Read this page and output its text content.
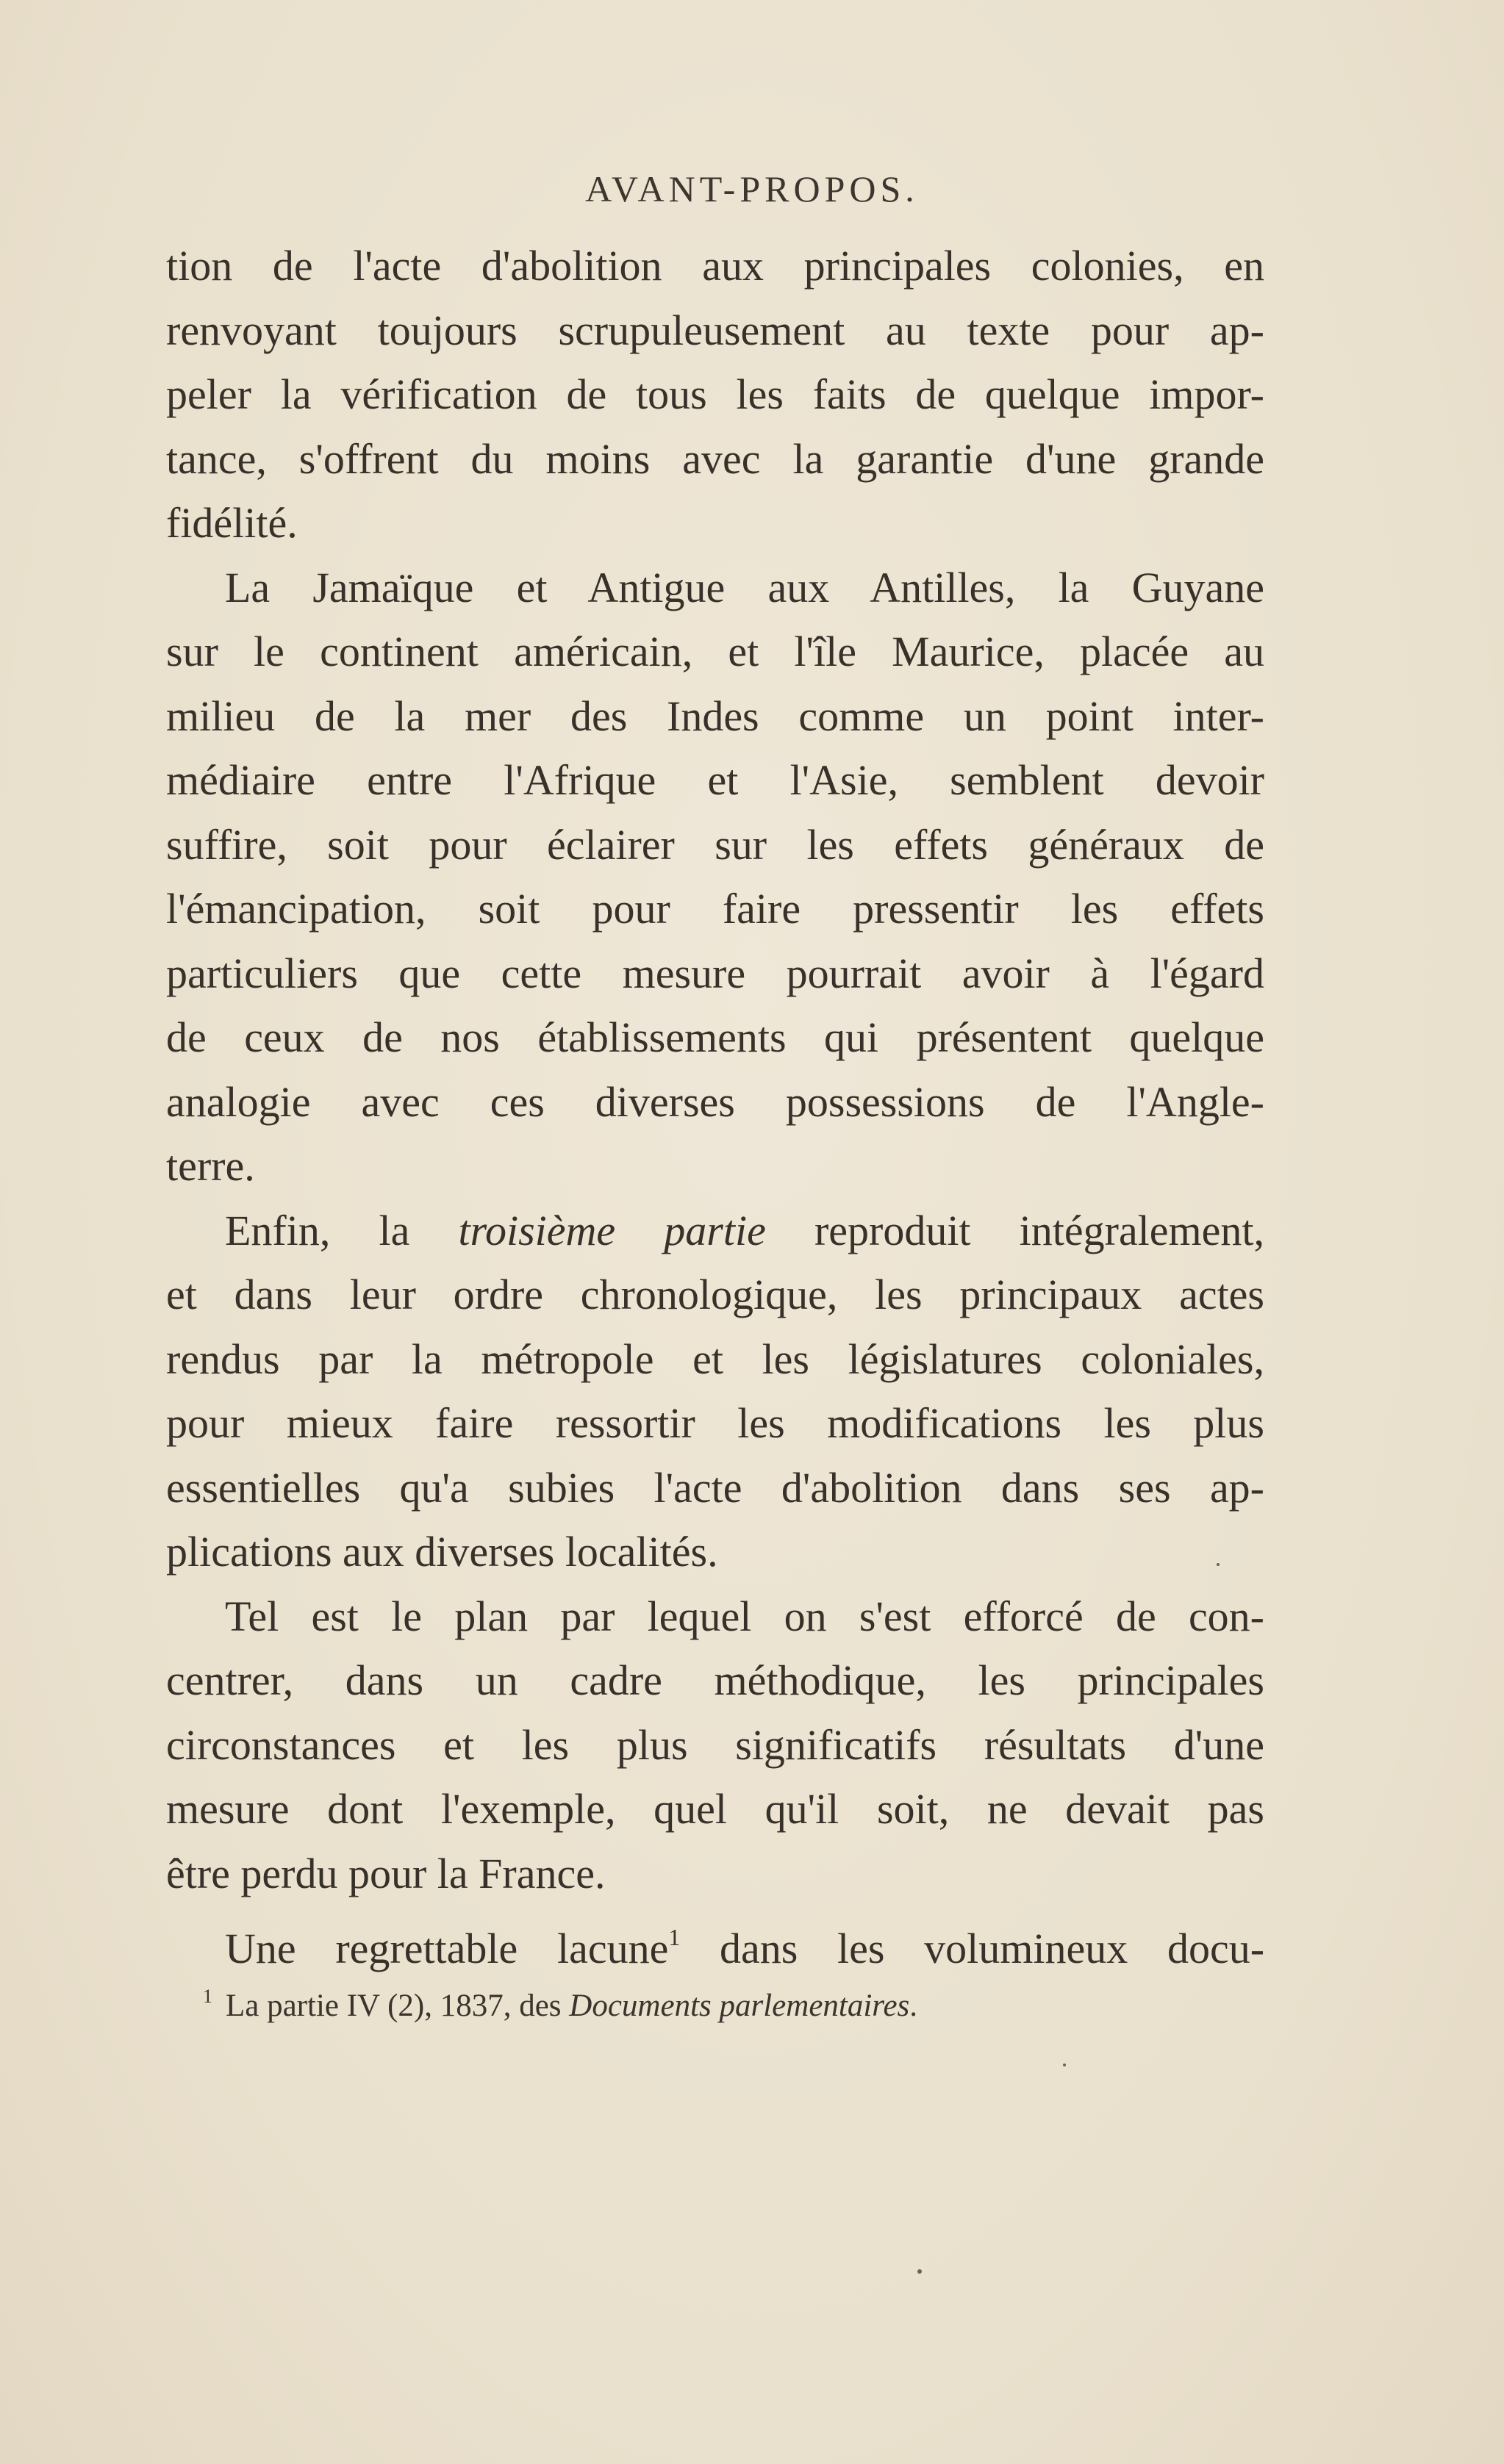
AVANT-PROPOS.
tion de l'acte d'abolition aux principales colonies, en
renvoyant toujours scrupuleusement au texte pour ap-
peler la vérification de tous les faits de quelque impor-
tance, s'offrent du moins avec la garantie d'une grande
fidélité.
La Jamaïque et Antigue aux Antilles, la Guyane
sur le continent américain, et l'île Maurice, placée au
milieu de la mer des Indes comme un point inter-
médiaire entre l'Afrique et l'Asie, semblent devoir
suffire, soit pour éclairer sur les effets généraux de
l'émancipation, soit pour faire pressentir les effets
particuliers que cette mesure pourrait avoir à l'égard
de ceux de nos établissements qui présentent quelque
analogie avec ces diverses possessions de l'Angle-
terre.
Enfin, la troisième partie reproduit intégralement,
et dans leur ordre chronologique, les principaux actes
rendus par la métropole et les législatures coloniales,
pour mieux faire ressortir les modifications les plus
essentielles qu'a subies l'acte d'abolition dans ses ap-
plications aux diverses localités.
Tel est le plan par lequel on s'est efforcé de con-
centrer, dans un cadre méthodique, les principales
circonstances et les plus significatifs résultats d'une
mesure dont l'exemple, quel qu'il soit, ne devait pas
être perdu pour la France.
Une regrettable lacune$^1$ dans les volumineux docu-
$^1$ La partie IV (2), 1837, des Documents parlementaires.
